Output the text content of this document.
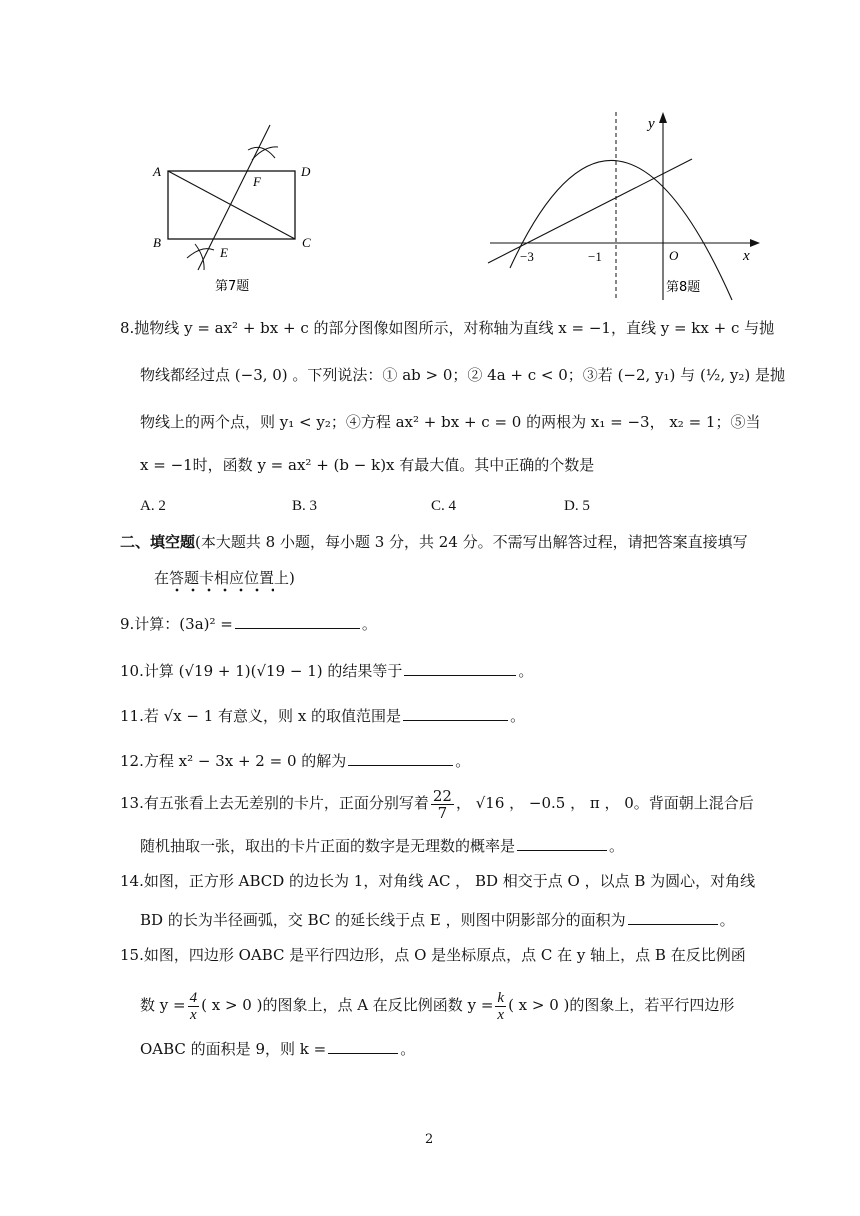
A	D
B	C
F
E
第7题
y
x
O
−3	−1
第8题
8.抛物线 y = ax² + bx + c 的部分图像如图所示，对称轴为直线 x = −1，直线 y = kx + c 与抛
物线都经过点 (−3, 0) 。下列说法：① ab > 0；② 4a + c < 0；③若 (−2, y₁) 与 (½, y₂) 是抛
物线上的两个点，则 y₁ < y₂；④方程 ax² + bx + c = 0 的两根为 x₁ = −3， x₂ = 1；⑤当
x = −1时，函数 y = ax² + (b − k)x 有最大值。其中正确的个数是
A. 2	B. 3	C. 4	D. 5
二、填空题(本大题共 8 小题，每小题 3 分，共 24 分。不需写出解答过程，请把答案直接填写
在答题卡相应位置上)
9.计算：(3a)² =	。
10.计算 (√19 + 1)(√19 − 1) 的结果等于	。
11.若 √x − 1 有意义，则 x 的取值范围是	。
12.方程 x² − 3x + 2 = 0 的解为	。
13.有五张看上去无差别的卡片，正面分别写着 $\frac{22}{7}$ ， √16 ， −0.5 ， π ， 0。背面朝上混合后
随机抽取一张，取出的卡片正面的数字是无理数的概率是	。
14.如图，正方形 ABCD 的边长为 1，对角线 AC ， BD 相交于点 O ，以点 B 为圆心，对角线
BD 的长为半径画弧，交 BC 的延长线于点 E ，则图中阴影部分的面积为	。
15.如图，四边形 OABC 是平行四边形，点 O 是坐标原点，点 C 在 y 轴上，点 B 在反比例函
数 $y = \frac{4}{x}$ ( x > 0 )的图象上，点 A 在反比例函数 $y = \frac{k}{x}$ ( x > 0 )的图象上，若平行四边形
OABC 的面积是 9，则 k =	。
2
